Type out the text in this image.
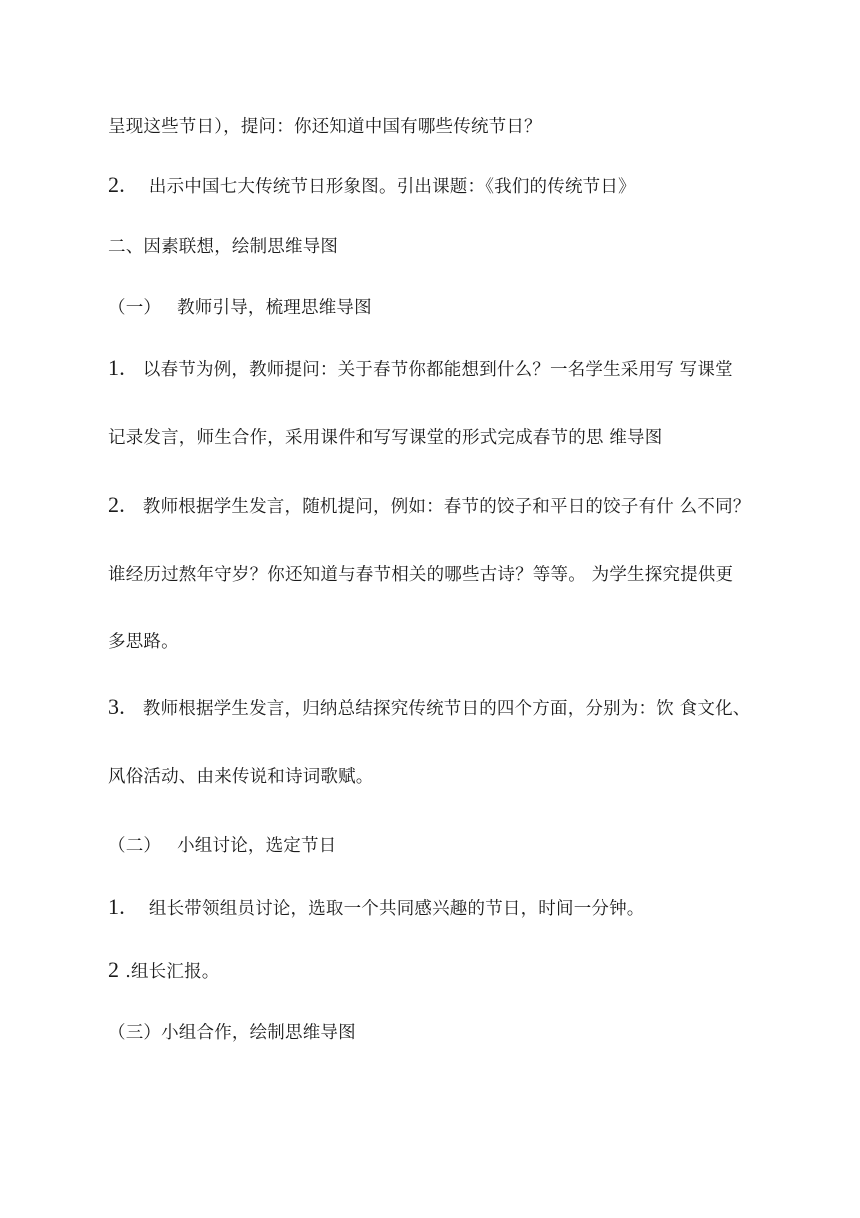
呈现这些节日），提问：你还知道中国有哪些传统节日？
2. 出示中国七大传统节日形象图。引出课题：《我们的传统节日》
二、因素联想，绘制思维导图
（一） 教师引导，梳理思维导图
1. 以春节为例，教师提问：关于春节你都能想到什么？一名学生采用写 写课堂
记录发言，师生合作，采用课件和写写课堂的形式完成春节的思 维导图
2. 教师根据学生发言，随机提问，例如：春节的饺子和平日的饺子有什 么不同？
谁经历过熬年守岁？你还知道与春节相关的哪些古诗？等等。 为学生探究提供更
多思路。
3. 教师根据学生发言，归纳总结探究传统节日的四个方面，分别为：饮 食文化、
风俗活动、由来传说和诗词歌赋。
（二） 小组讨论，选定节日
1. 组长带领组员讨论，选取一个共同感兴趣的节日，时间一分钟。
2 .组长汇报。
（三）小组合作，绘制思维导图
